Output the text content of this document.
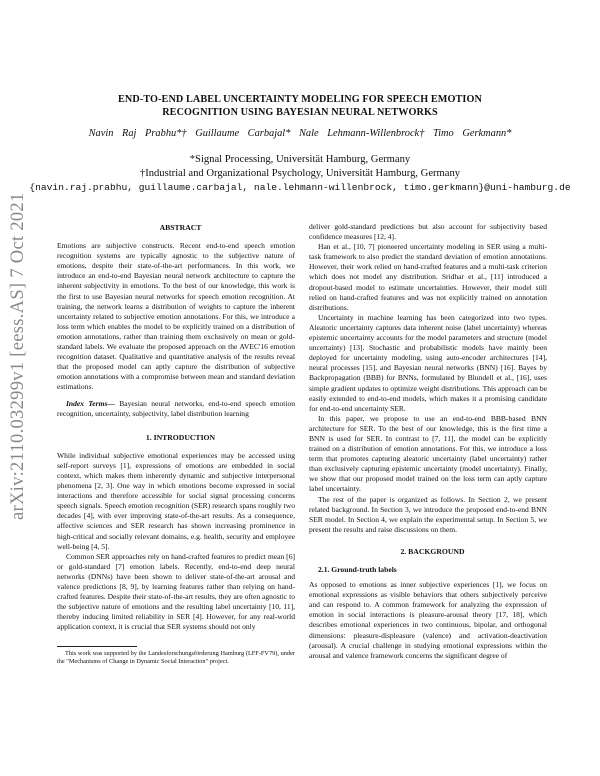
arXiv:2110.03299v1 [eess.AS] 7 Oct 2021
END-TO-END LABEL UNCERTAINTY MODELING FOR SPEECH EMOTION
RECOGNITION USING BAYESIAN NEURAL NETWORKS
Navin Raj Prabhu*† Guillaume Carbajal* Nale Lehmann-Willenbrock† Timo Gerkmann*
*Signal Processing, Universität Hamburg, Germany
†Industrial and Organizational Psychology, Universität Hamburg, Germany
{navin.raj.prabhu, guillaume.carbajal, nale.lehmann-willenbrock, timo.gerkmann}@uni-hamburg.de

ABSTRACT

Emotions are subjective constructs. Recent end-to-end speech emotion recognition systems are typically agnostic to the subjective nature of emotions, despite their state-of-the-art performances. In this work, we introduce an end-to-end Bayesian neural network architecture to capture the inherent subjectivity in emotions. To the best of our knowledge, this work is the first to use Bayesian neural networks for speech emotion recognition. At training, the network learns a distribution of weights to capture the inherent uncertainty related to subjective emotion annotations. For this, we introduce a loss term which enables the model to be explicitly trained on a distribution of emotion annotations, rather than training them exclusively on mean or gold-standard labels. We evaluate the proposed approach on the AVEC'16 emotion recognition dataset. Qualitative and quantitative analysis of the results reveal that the proposed model can aptly capture the distribution of subjective emotion annotations with a compromise between mean and standard deviation estimations.

Index Terms— Bayesian neural networks, end-to-end speech emotion recognition, uncertainty, subjectivity, label distribution learning

1. INTRODUCTION

While individual subjective emotional experiences may be accessed using self-report surveys [1], expressions of emotions are embedded in social context, which makes them inherently dynamic and subjective interpersonal phenomena [2, 3]. One way in which emotions become expressed in social interactions and therefore accessible for social signal processing concerns speech signals. Speech emotion recognition (SER) research spans roughly two decades [4], with ever improving state-of-the-art results. As a consequence, affective sciences and SER research has shown increasing prominence in high-critical and socially relevant domains, e.g. health, security and employee well-being [4, 5].

Common SER approaches rely on hand-crafted features to predict mean [6] or gold-standard [7] emotion labels. Recently, end-to-end deep neural networks (DNNs) have been shown to deliver state-of-the-art arousal and valence predictions [8, 9], by learning features rather than relying on hand-crafted features. Despite their state-of-the-art results, they are often agnostic to the subjective nature of emotions and the resulting label uncertainty [10, 11], thereby inducing limited reliability in SER [4]. However, for any real-world application context, it is crucial that SER systems should not only

This work was supported by the Landesforschungsförderung Hamburg (LFF-FV79), under the "Mechanisms of Change in Dynamic Social Interaction" project.

deliver gold-standard predictions but also account for subjectivity based confidence measures [12, 4].

Han et al., [10, 7] pioneered uncertainty modeling in SER using a multi-task framework to also predict the standard deviation of emotion annotations. However, their work relied on hand-crafted features and a multi-task criterion which does not model any distribution. Sridhar et al., [11] introduced a dropout-based model to estimate uncertainties. However, their model still relied on hand-crafted features and was not explicitly trained on annotation distributions.

Uncertainty in machine learning has been categorized into two types. Aleatoric uncertainty captures data inherent noise (label uncertainty) whereas epistemic uncertainty accounts for the model parameters and structure (model uncertainty) [13]. Stochastic and probabilistic models have mainly been deployed for uncertainty modeling, using auto-encoder architectures [14], neural processes [15], and Bayesian neural networks (BNN) [16]. Bayes by Backpropagation (BBB) for BNNs, formulated by Blundell et al., [16], uses simple gradient updates to optimize weight distributions. This approach can be easily extended to end-to-end models, which makes it a promising candidate for end-to-end uncertainty SER.

In this paper, we propose to use an end-to-end BBB-based BNN architecture for SER. To the best of our knowledge, this is the first time a BNN is used for SER. In contrast to [7, 11], the model can be explicitly trained on a distribution of emotion annotations. For this, we introduce a loss term that promotes capturing aleatoric uncertainty (label uncertainty) rather than exclusively capturing epistemic uncertainty (model uncertainty). Finally, we show that our proposed model trained on the loss term can aptly capture label uncertainty.

The rest of the paper is organized as follows. In Section 2, we present related background. In Section 3, we introduce the proposed end-to-end BNN SER model. In Section 4, we explain the experimental setup. In Section 5, we present the results and raise discussions on them.

2. BACKGROUND

2.1. Ground-truth labels

As opposed to emotions as inner subjective experiences [1], we focus on emotional expressions as visible behaviors that others subjectively perceive and can respond to. A common framework for analyzing the expression of emotion in social interactions is pleasure-arousal theory [17, 18], which describes emotional experiences in two continuous, bipolar, and orthogonal dimensions: pleasure-displeasure (valence) and activation-deactivation (arousal). A crucial challenge in studying emotional expressions within the arousal and valence framework concerns the significant degree of
